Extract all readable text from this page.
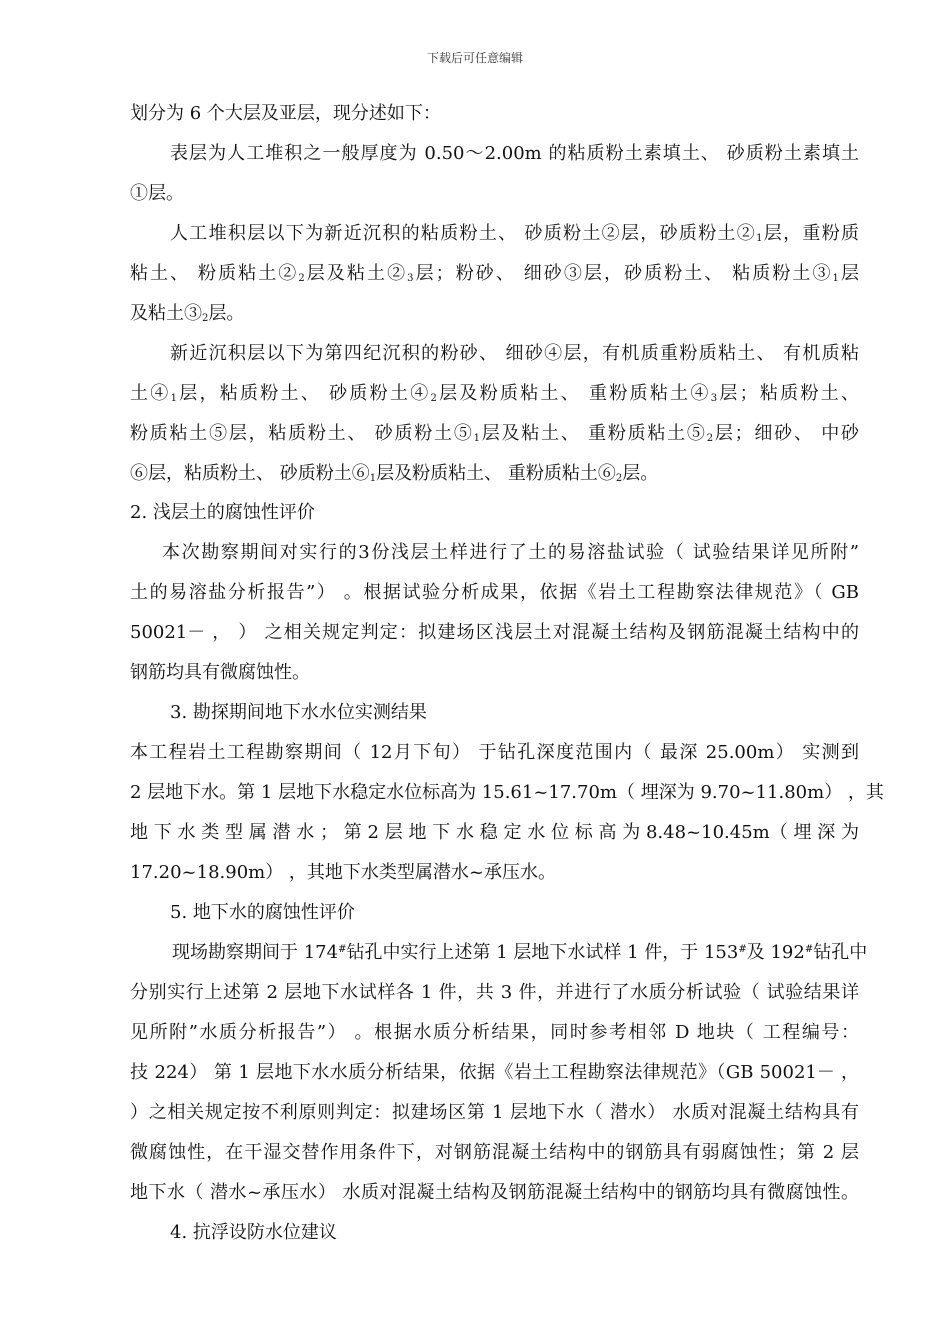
下载后可任意编辑
划分为 6 个大层及亚层，现分述如下：
表层为人工堆积之一般厚度为 0.50～2.00m 的粘质粉土素填土、 砂质粉土素填土
①层。
人工堆积层以下为新近沉积的粘质粉土、 砂质粉土②层，砂质粉土$②_1$层，重粉质
粘土、 粉质粘土$②_2$层及粘土$②_3$层；粉砂、 细砂③层，砂质粉土、 粘质粉土$③_1$层
及粘土$③_2$层。
新近沉积层以下为第四纪沉积的粉砂、 细砂④层，有机质重粉质粘土、 有机质粘
土$④_1$层，粘质粉土、 砂质粉土$④_2$层及粉质粘土、 重粉质粘土$④_3$层；粘质粉土、
粉质粘土⑤层，粘质粉土、 砂质粉土$⑤_1$层及粘土、 重粉质粘土$⑤_2$层；细砂、 中砂
⑥层，粘质粉土、 砂质粉土$⑥_1$层及粉质粘土、 重粉质粘土$⑥_2$层。
2. 浅层土的腐蚀性评价
本次勘察期间对实行的3份浅层土样进行了土的易溶盐试验（ 试验结果详见所附”
土的易溶盐分析报告”） 。根据试验分析成果，依据《岩土工程勘察法律规范》（ GB
50021－ ， ） 之相关规定判定：拟建场区浅层土对混凝土结构及钢筋混凝土结构中的
钢筋均具有微腐蚀性。
3. 勘探期间地下水水位实测结果
本工程岩土工程勘察期间（ 12月下旬） 于钻孔深度范围内（ 最深 25.00m） 实测到
2 层地下水。第 1 层地下水稳定水位标高为 15.61~17.70m（ 埋深为 9.70~11.80m） ，其
地 下 水 类 型 属 潜 水 ； 第 2 层 地 下 水 稳 定 水 位 标 高 为 8.48~10.45m（ 埋 深 为
17.20~18.90m） ，其地下水类型属潜水~承压水。
5. 地下水的腐蚀性评价
现场勘察期间于 174#钻孔中实行上述第 1 层地下水试样 1 件，于 153#及 192#钻孔中
分别实行上述第 2 层地下水试样各 1 件，共 3 件，并进行了水质分析试验（ 试验结果详
见所附”水质分析报告”） 。根据水质分析结果，同时参考相邻 D 地块（ 工程编号：
技 224） 第 1 层地下水水质分析结果，依据《岩土工程勘察法律规范》（GB 50021－ ，
）之相关规定按不利原则判定：拟建场区第 1 层地下水（ 潜水） 水质对混凝土结构具有
微腐蚀性，在干湿交替作用条件下，对钢筋混凝土结构中的钢筋具有弱腐蚀性；第 2 层
地下水（ 潜水~承压水） 水质对混凝土结构及钢筋混凝土结构中的钢筋均具有微腐蚀性。
4. 抗浮设防水位建议
